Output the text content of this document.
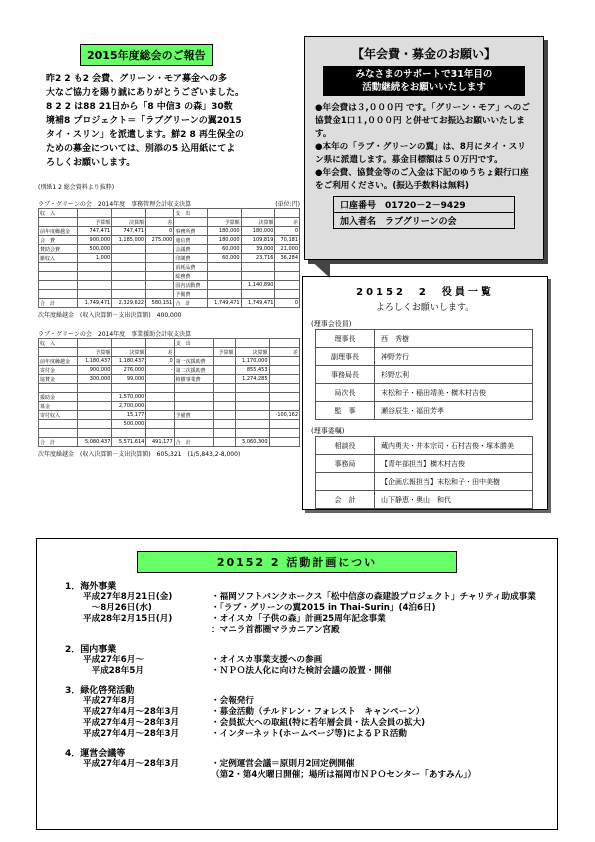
2015年度総会のご報告
昨2 2 も2 会費、グリーン・モア募金への多
大なご協力を賜り誠にありがとうございました。
8 2 2 は88 21日から「8 中信3 の森」30数
境補8 プロジェクト＝「ラブグリーンの翼2015
タイ・スリン」を派遣します。鮮2 8 再生保全の
ための募金については、別添の5 込用紙にてよ
ろしくお願いします。
【年会費・募金のお願い】
みなさまのサポートで31年目の
活動継続をお願いいたします
●年会費は３,０００円 です。「グリーン・モア」へのご協賛金1口１,０００円 と併せてお振込お願いいたします。
●本年の「ラブ・グリーンの翼」は、8月にタイ・スリン県に派遣します。募金目標額は５０万円です。
●年会費、協賛金等のご入金は下記のゆうちょ銀行口座をご利用ください。(振込手数料は無料)
口座番号　01720－2－9429
加入者名　ラブグリーンの会
(別紙1 2 総会資料より抜粋)
ラブ・グリーンの会　2014年度　事務管理会計収支決算	(単位:円)
収　入				支　出			
	予算額	決算額	差		予算額	決算額	差
前年度繰越金	747,471	747,471	0	事務所費	180,000	180,000	0
会　費	900,000	1,185,000	275,000	通信費	180,000	109,819	70,181
賛助会費	500,000			会議費	60,000	39,000	21,000
雑収入	1,000			印刷費	60,000	23,716	36,284
				消耗品費			
				総務費			
				国内活動費		1,140,890	
				予備費			
合　計	1,749,471	2,329,622	580,151	合　計	1,749,471	1,749,471	0
次年度繰越金　(収入決算額－支出決算額)　400,000
ラブ・グリーンの会　2014年度　事業援助会計収支決算
収　入				支　出			
	予算額	決算額	差		予算額	決算額	差
前年度繰越金	1,180,437	1,180,437	0	第一次援助費		1,170,000	
寄付金	900,000	276,000	-	第二次援助費		855,453	
協賛金	300,000	99,000		植樹事業費		1,274,285	

援助金		1,570,000					
募金		2,700,000					
寄付収入		15,177		予備費			-100,162
		500,000					

合　計	5,080,437	5,571,614	491,177	合　計		5,060,300	
次年度繰越金　(収入決算額－支出決算額)　605,321　(1/5,843,2-8,000)
20152　2　役員一覧
よろしくお願いします。
(理事会役員)
理事長	西　秀樹
副理事長	神野芳行
事務局長	杉野広利
局次長	末松和子・稲田靖美・横木村吉俊
監　事	瀬谷辰生・福田芳孝
(理事委嘱)
相談役	蔵内勇夫・井本宗司・石村吉俊・塚本勝美
事務局	【青年部担当】横木村吉俊
	【企画広報担当】末松和子・田中美樹
会　計	山下静恵・奥山　和代
20152 2 活動計画につい
1．海外事業
平成27年8月21日(金)	・福岡ソフトバンクホークス「松中信彦の森建設プロジェクト」チャリティ助成事業
　～8月26日(水)	・「ラブ・グリーンの翼2015 in Thai-Surin」(4泊6日)
平成28年2月15日(月)	・オイスカ「子供の森」計画25周年記念事業
：マニラ首都圏マラカニアン宮殿
2．国内事業
平成27年6月～	・オイスカ事業支援への参画
　平成28年5月	・ＮＰＯ法人化に向けた検討会議の設置・開催
3．緑化啓発活動
平成27年8月	・会報発行
平成27年4月～28年3月	・募金活動（チルドレン・フォレスト　キャンペーン）
平成27年4月～28年3月	・会員拡大への取組(特に若年層会員・法人会員の拡大)
平成27年4月～28年3月	・インターネット(ホームページ等)によるＰＲ活動
4．運営会議等
平成27年4月～28年3月	・定例運営会議＝原則月2回定例開催
（第2・第4火曜日開催；場所は福岡市ＮＰＯセンター「あすみん」）
